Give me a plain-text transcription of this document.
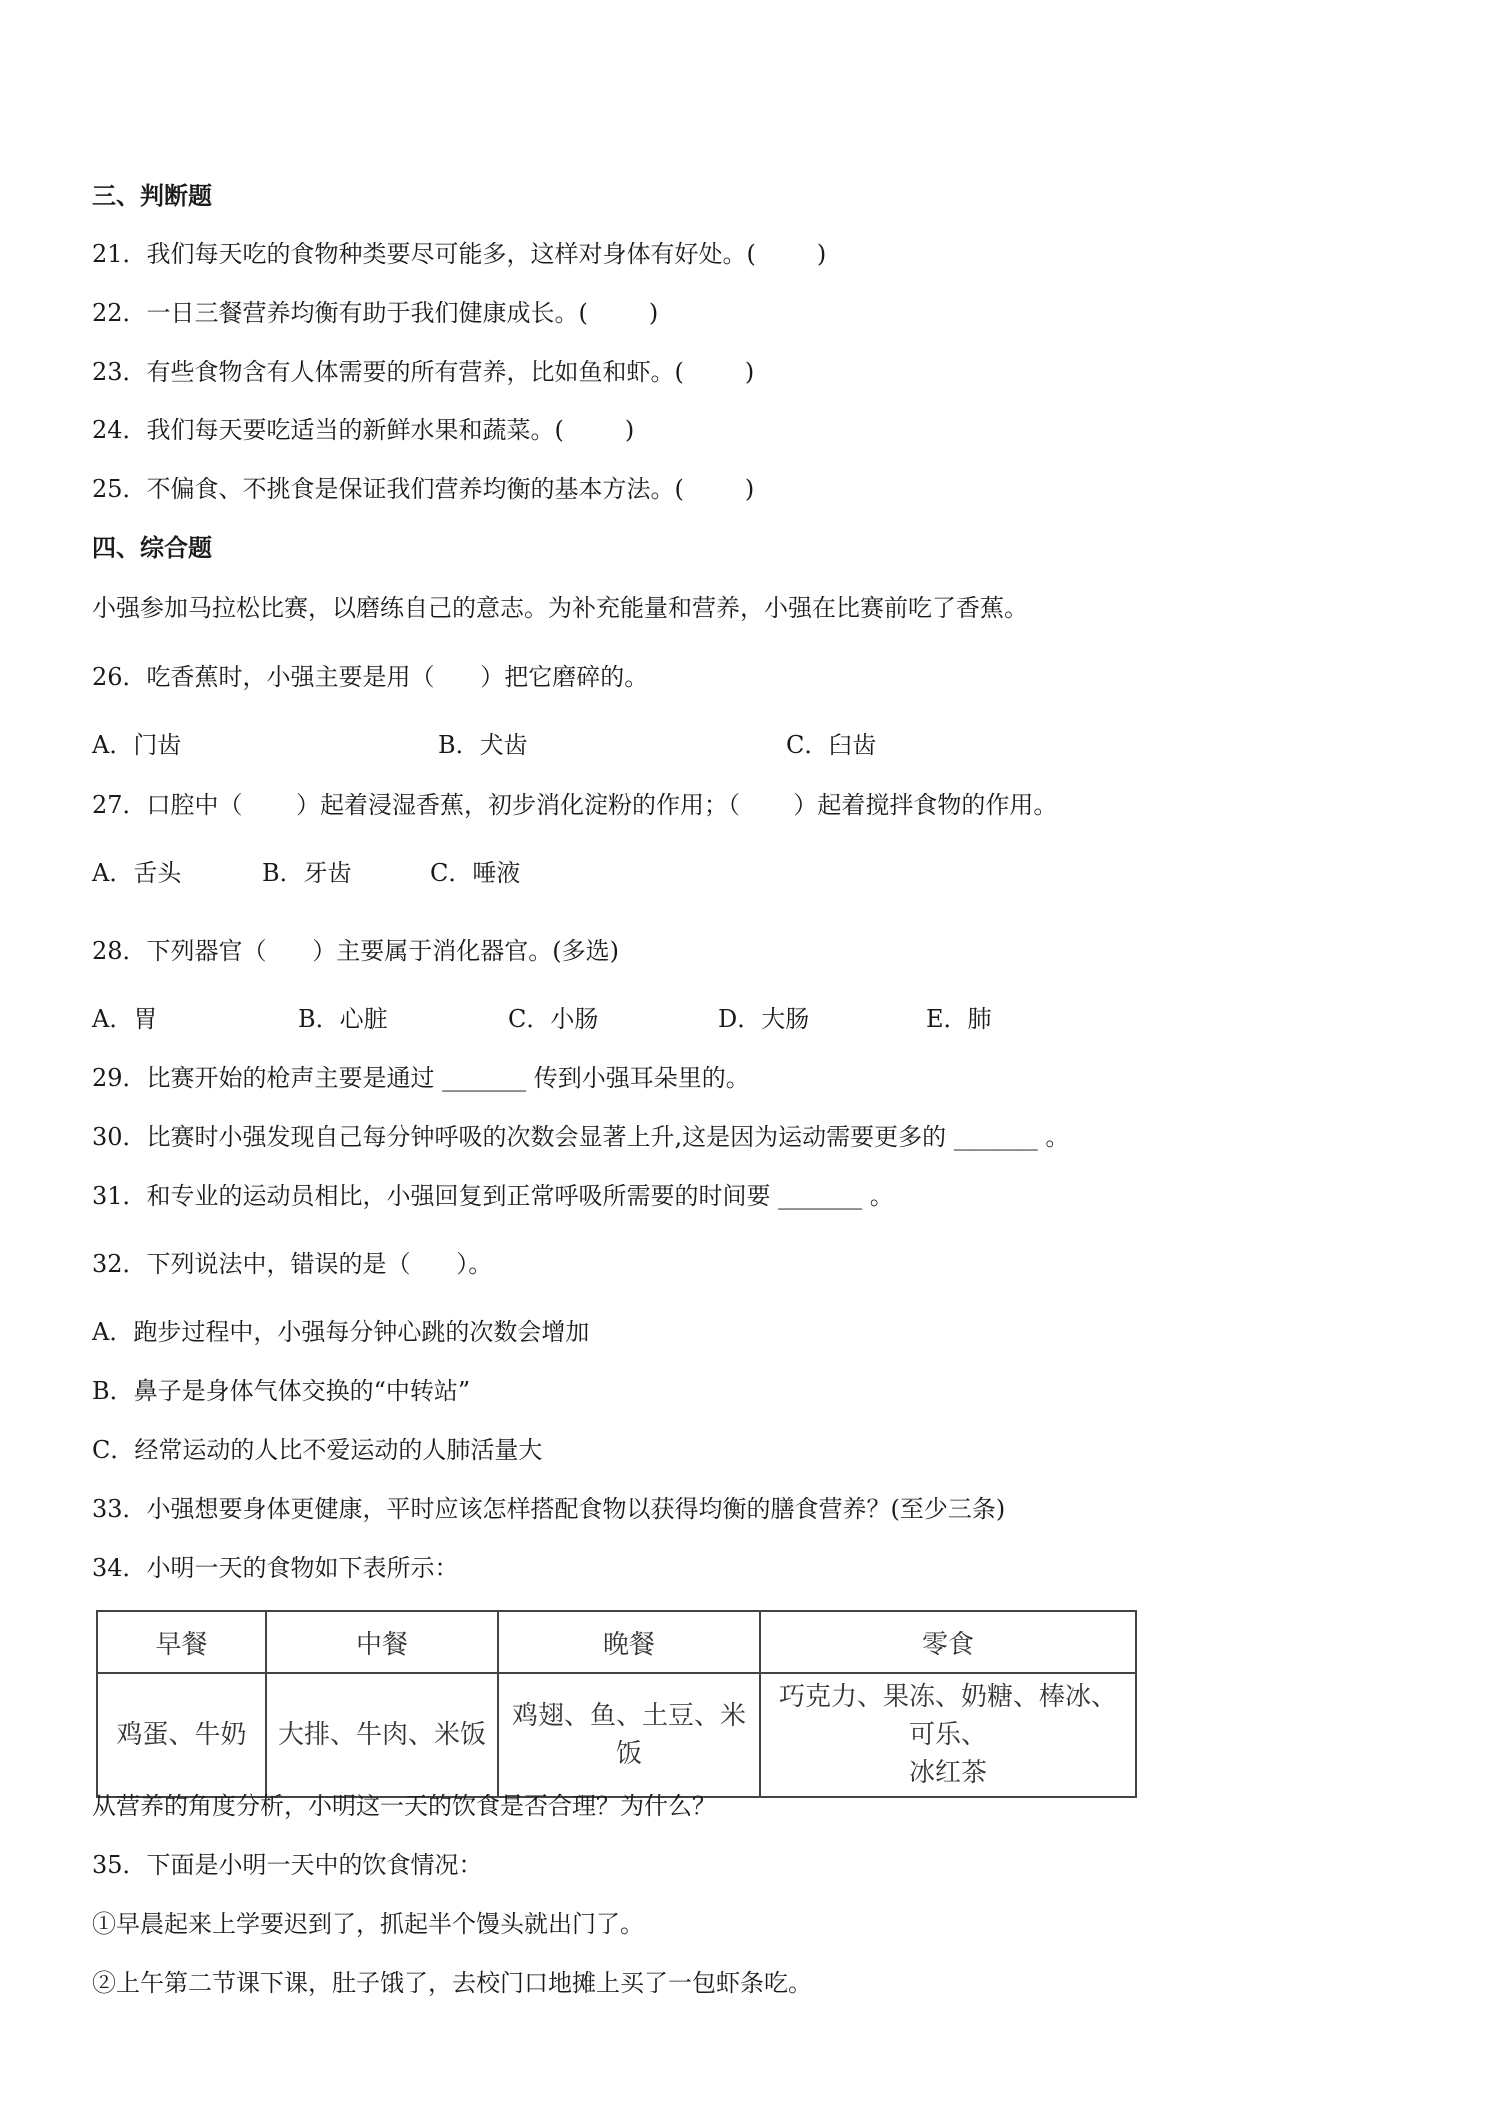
三、判断题

21．我们每天吃的食物种类要尽可能多，这样对身体有好处。(        )

22．一日三餐营养均衡有助于我们健康成长。(        )

23．有些食物含有人体需要的所有营养，比如鱼和虾。(        )

24．我们每天要吃适当的新鲜水果和蔬菜。(        )

25．不偏食、不挑食是保证我们营养均衡的基本方法。(        )

四、综合题

小强参加马拉松比赛，以磨练自己的意志。为补充能量和营养，小强在比赛前吃了香蕉。

26．吃香蕉时，小强主要是用（      ）把它磨碎的。

A．门齿	B．犬齿	C．臼齿

27．口腔中（       ）起着浸湿香蕉，初步消化淀粉的作用；（       ）起着搅拌食物的作用。

A．舌头	B．牙齿	C．唾液

28．下列器官（      ）主要属于消化器官。(多选)

A．胃	B．心脏	C．小肠	D．大肠	E．肺

29．比赛开始的枪声主要是通过 _______ 传到小强耳朵里的。

30．比赛时小强发现自己每分钟呼吸的次数会显著上升,这是因为运动需要更多的 _______ 。

31．和专业的运动员相比，小强回复到正常呼吸所需要的时间要 _______ 。

32．下列说法中，错误的是（      ）。

A．跑步过程中，小强每分钟心跳的次数会增加

B．鼻子是身体气体交换的“中转站”

C．经常运动的人比不爱运动的人肺活量大

33．小强想要身体更健康，平时应该怎样搭配食物以获得均衡的膳食营养？(至少三条)

34．小明一天的食物如下表所示：

早餐	中餐	晚餐	零食
鸡蛋、牛奶	大排、牛肉、米饭	鸡翅、鱼、土豆、米饭	巧克力、果冻、奶糖、棒冰、可乐、
冰红茶

从营养的角度分析，小明这一天的饮食是否合理？为什么？

35．下面是小明一天中的饮食情况：

①早晨起来上学要迟到了，抓起半个馒头就出门了。

②上午第二节课下课，肚子饿了，去校门口地摊上买了一包虾条吃。
